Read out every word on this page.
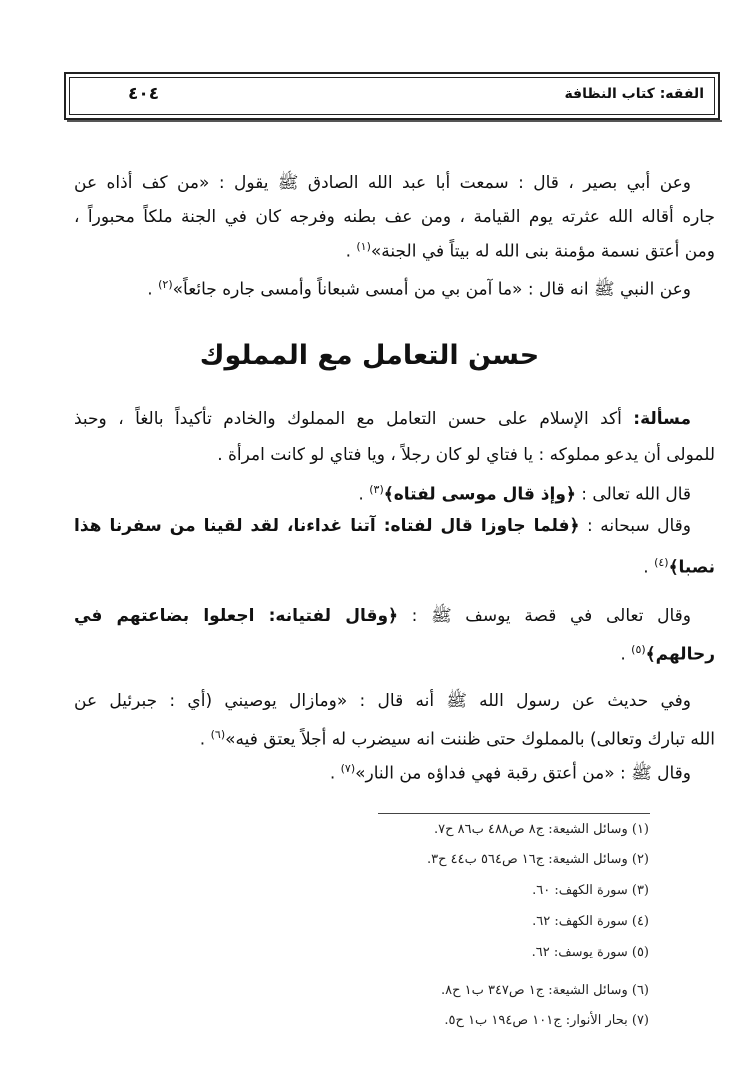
٤٠٤	الفقه: كتاب النظافة
وعن أبي بصير ، قال : سمعت أبا عبد الله الصادق ﷺ يقول : «من كف أذاه عن
جاره أقاله الله عثرته يوم القيامة ، ومن عف بطنه وفرجه كان في الجنة ملكاً محبوراً ،
ومن أعتق نسمة مؤمنة بنى الله له بيتاً في الجنة»$^{(١)}$ .
وعن النبي ﷺ انه قال : «ما آمن بي من أمسى شبعاناً وأمسى جاره جائعاً»$^{(٢)}$ .
حسن التعامل مع المملوك
مسألة: أكد الإسلام على حسن التعامل مع المملوك والخادم تأكيداً بالغاً ، وحبذ
للمولى أن يدعو مملوكه : يا فتاي لو كان رجلاً ، ويا فتاي لو كانت امرأة .
قال الله تعالى : ﴿وإذ قال موسى لفتاه﴾$^{(٣)}$ .
وقال سبحانه : ﴿فلما جاوزا قال لفتاه: آتنا غداءنا، لقد لقينا من سفرنا هذا
نصبا﴾$^{(٤)}$ .
وقال تعالى في قصة يوسف ﷺ : ﴿وقال لفتيانه: اجعلوا بضاعتهم في
رحالهم﴾$^{(٥)}$ .
وفي حديث عن رسول الله ﷺ أنه قال : «ومازال يوصيني (أي : جبرئيل عن
الله تبارك وتعالى) بالمملوك حتى ظننت انه سيضرب له أجلاً يعتق فيه»$^{(٦)}$ .
وقال ﷺ : «من أعتق رقبة فهي فداؤه من النار»$^{(٧)}$ .
(١) وسائل الشيعة: ج٨ ص٤٨٨ ب٨٦ ح٧.
(٢) وسائل الشيعة: ج١٦ ص٥٦٤ ب٤٤ ح٣.
(٣) سورة الكهف: ٦٠.
(٤) سورة الكهف: ٦٢.
(٥) سورة يوسف: ٦٢.
(٦) وسائل الشيعة: ج١ ص٣٤٧ ب١ ح٨.
(٧) بحار الأنوار: ج١٠١ ص١٩٤ ب١ ح٥.
